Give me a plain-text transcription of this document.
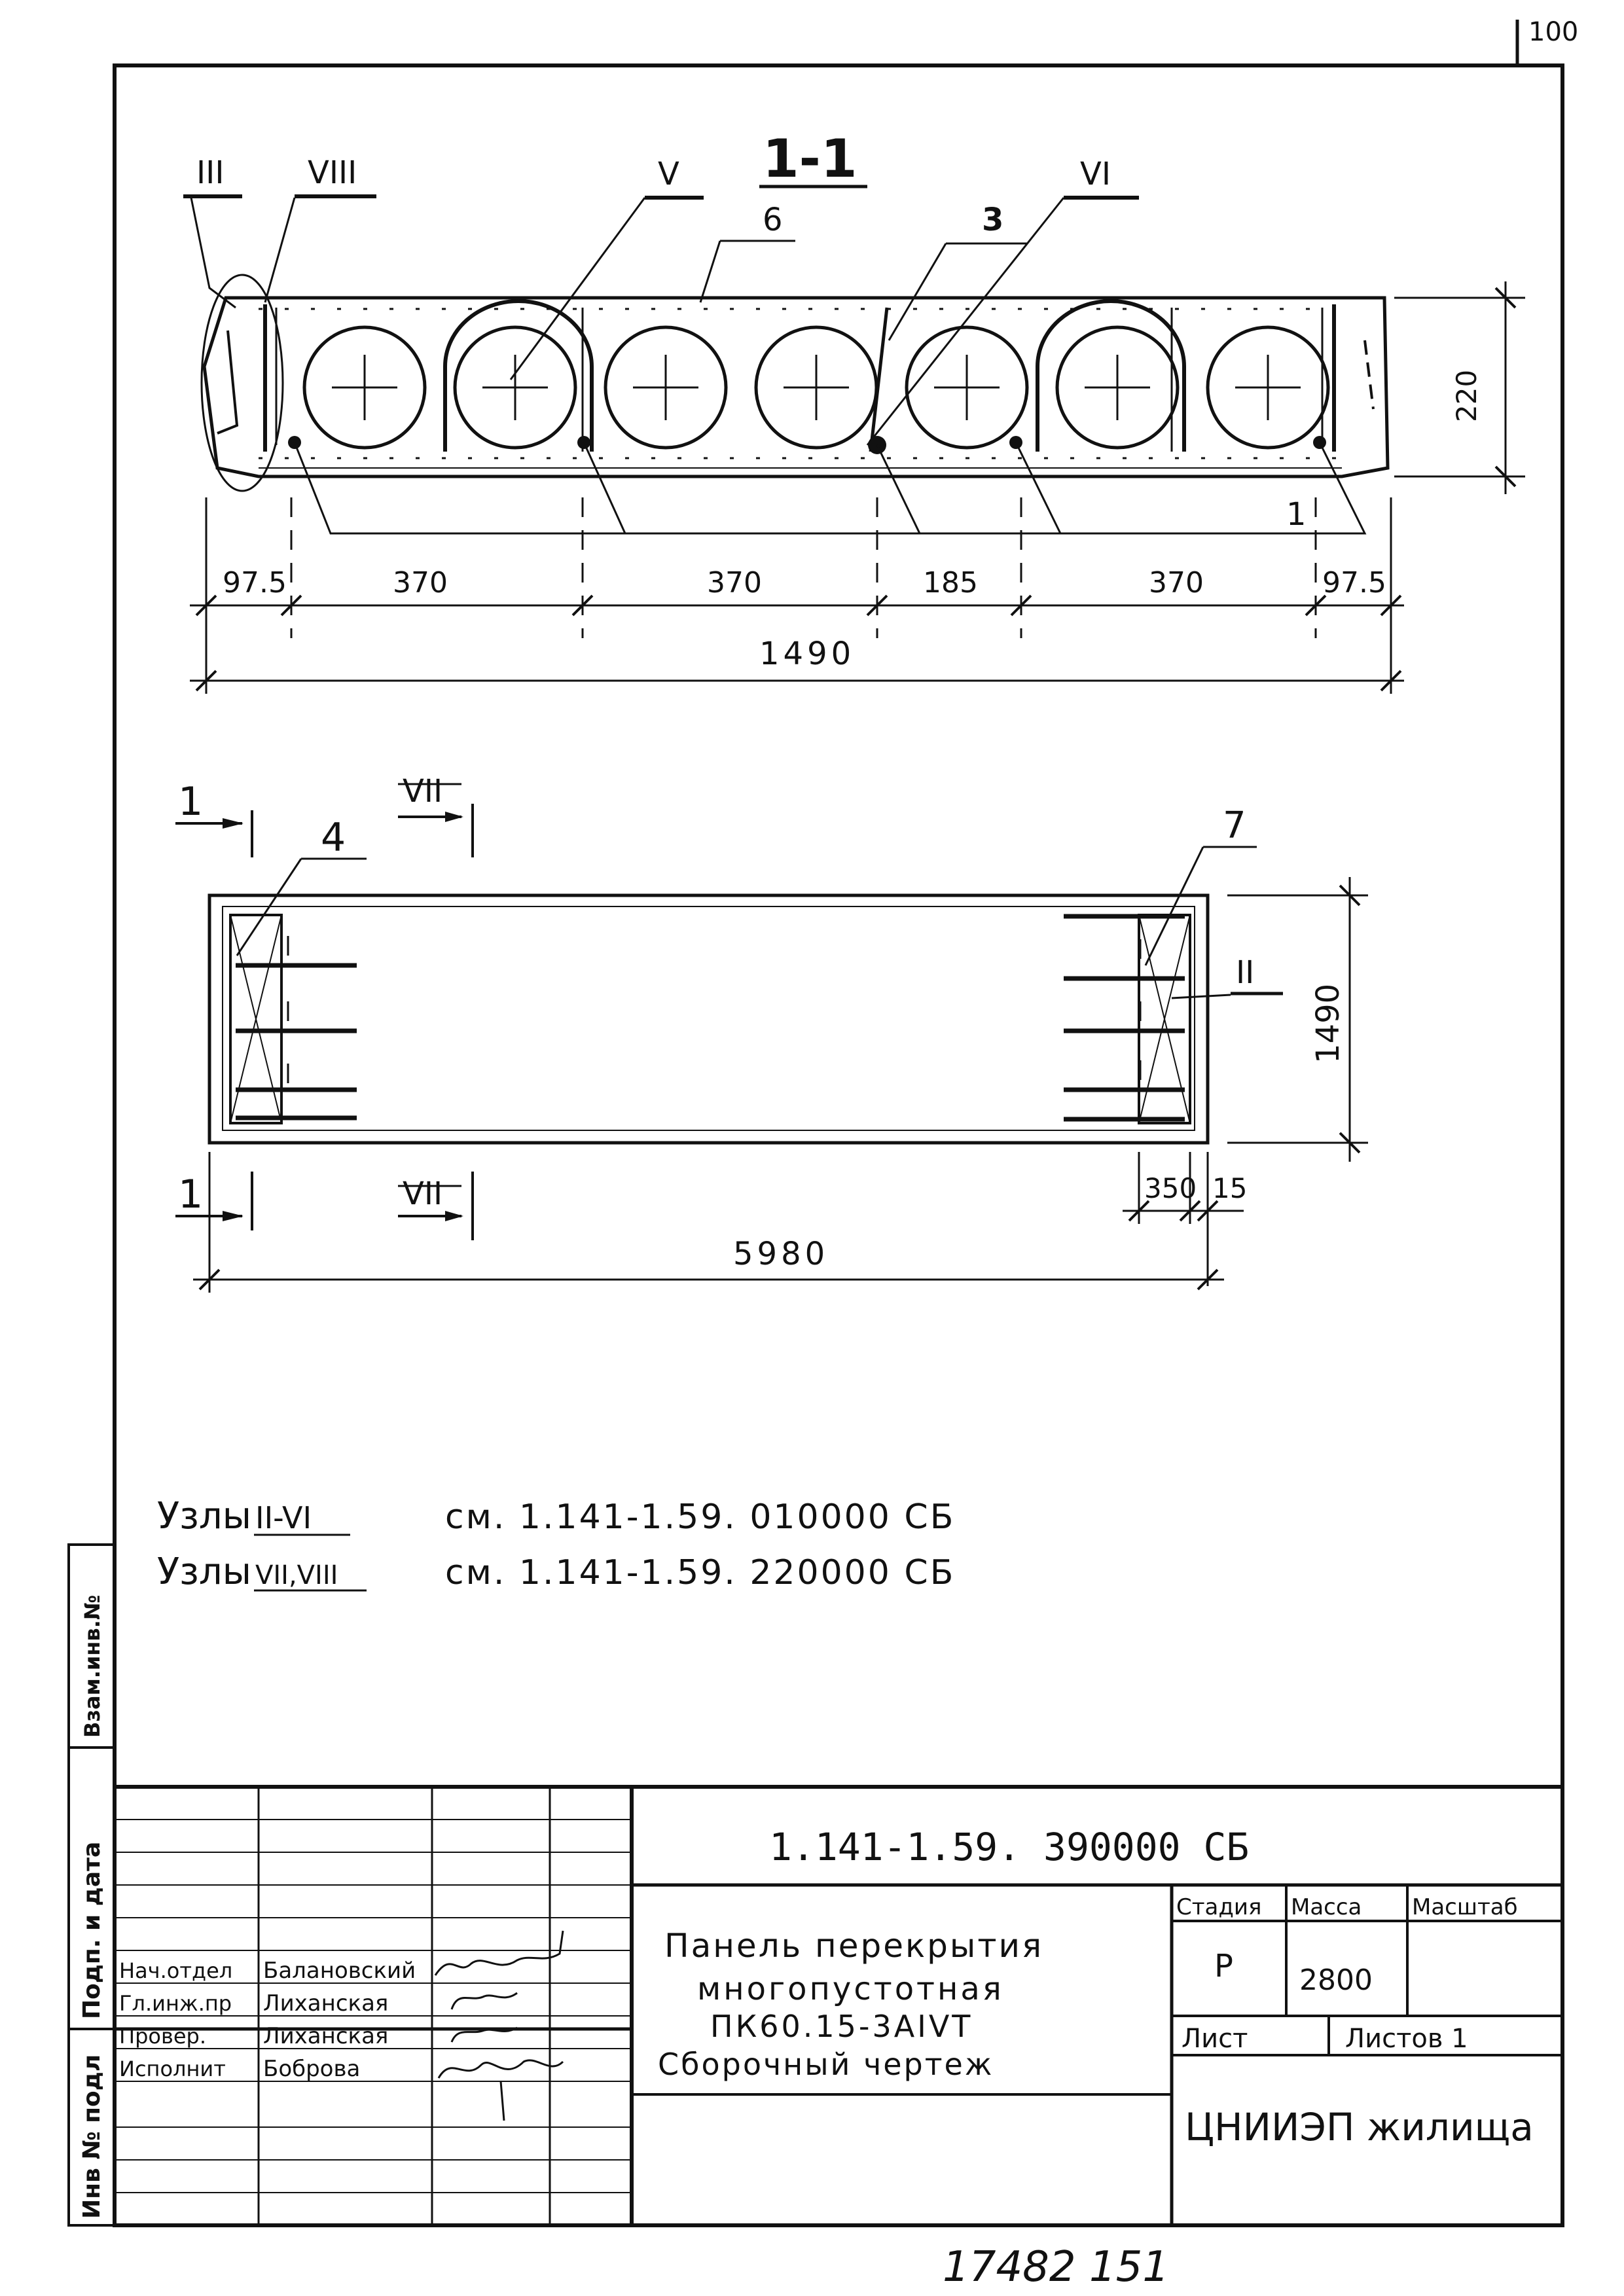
100
Инв № подл
Подп. и дата
Взам.инв.№
1-1
III	VIII	V	VI
6	3
1
220
97.5	370	370	185	370	97.5
1490
1	VII
4	7
II
1490
350 15
1	VII
5980
Узлы II-VI	см. 1.141-1.59. 010000 СБ
Узлы VII,VIII	см. 1.141-1.59. 220000 СБ
Нач.отдел Балановский
Гл.инж.пр Лиханская
Провер.	Лиханская
Исполнит Боброва
1.141-1.59. 390000 СБ
Стадия Масса Масштаб
Р 2800
Лист	Листов 1
ЦНИИЭП жилища
Панель перекрытия
многопустотная
ПК60.15-3АIVТ
Сборочный чертеж
17482 151
